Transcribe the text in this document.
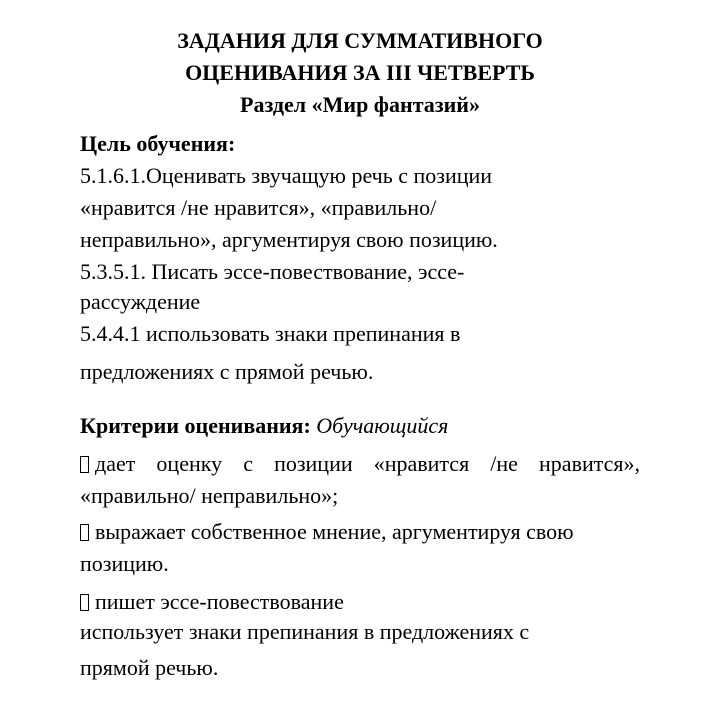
ЗАДАНИЯ ДЛЯ СУММАТИВНОГО
ОЦЕНИВАНИЯ ЗА III ЧЕТВЕРТЬ
Раздел «Мир фантазий»
Цель обучения:
5.1.6.1.Оценивать звучащую речь с позиции
«нравится /не нравится», «правильно/
неправильно», аргументируя свою позицию.
5.3.5.1. Писать эссе-повествование, эссе-
рассуждение
5.4.4.1 использовать знаки препинания в
предложениях с прямой речью.
Критерии оценивания: Обучающийся
дает оценку с позиции «нравится /не нравится»,
«правильно/ неправильно»;
выражает собственное мнение, аргументируя свою
позицию.
пишет эссе-повествование
использует знаки препинания в предложениях с
прямой речью.
